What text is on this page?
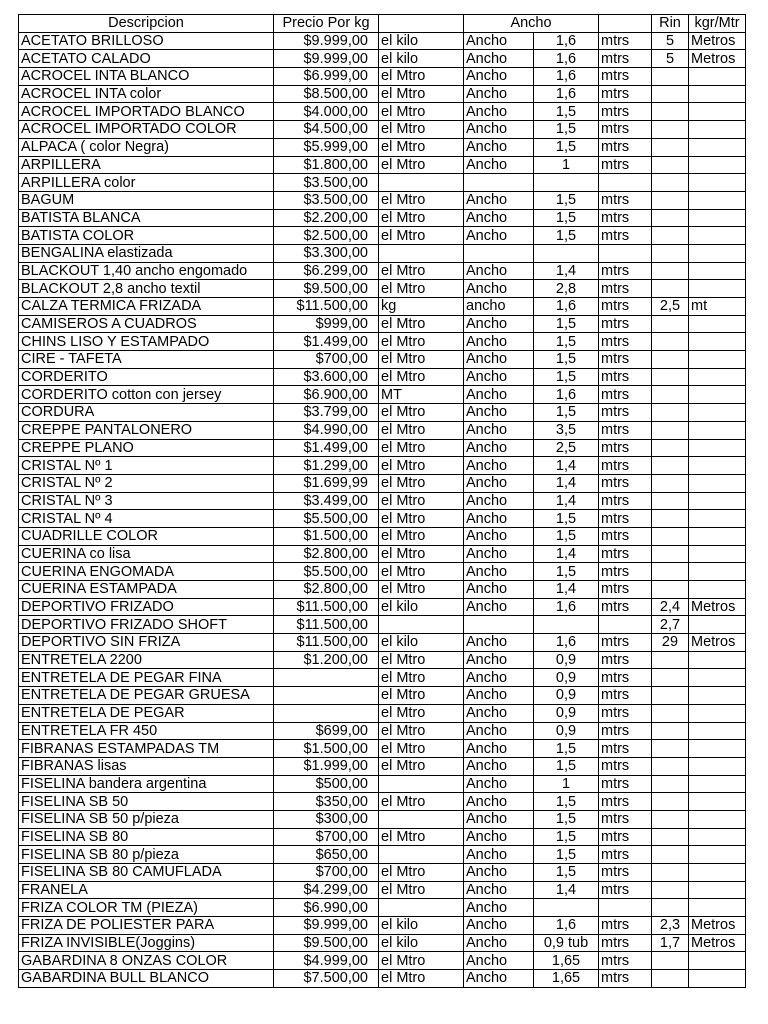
Descripcion	Precio Por kg		Ancho			Rin	kgr/Mtr
ACETATO BRILLOSO	$9.999,00	el kilo	Ancho	1,6	mtrs	5	Metros
ACETATO CALADO	$9.999,00	el kilo	Ancho	1,6	mtrs	5	Metros
ACROCEL INTA BLANCO	$6.999,00	el Mtro	Ancho	1,6	mtrs		
ACROCEL INTA color	$8.500,00	el Mtro	Ancho	1,6	mtrs		
ACROCEL IMPORTADO BLANCO	$4.000,00	el Mtro	Ancho	1,5	mtrs		
ACROCEL IMPORTADO COLOR	$4.500,00	el Mtro	Ancho	1,5	mtrs		
ALPACA ( color Negra)	$5.999,00	el Mtro	Ancho	1,5	mtrs		
ARPILLERA	$1.800,00	el Mtro	Ancho	1	mtrs		
ARPILLERA color	$3.500,00						
BAGUM	$3.500,00	el Mtro	Ancho	1,5	mtrs		
BATISTA BLANCA	$2.200,00	el Mtro	Ancho	1,5	mtrs		
BATISTA COLOR	$2.500,00	el Mtro	Ancho	1,5	mtrs		
BENGALINA elastizada	$3.300,00						
BLACKOUT 1,40 ancho engomado	$6.299,00	el Mtro	Ancho	1,4	mtrs		
BLACKOUT 2,8 ancho textil	$9.500,00	el Mtro	Ancho	2,8	mtrs		
CALZA TERMICA FRIZADA	$11.500,00	kg	ancho	1,6	mtrs	2,5	mt
CAMISEROS A CUADROS	$999,00	el Mtro	Ancho	1,5	mtrs		
CHINS LISO Y ESTAMPADO	$1.499,00	el Mtro	Ancho	1,5	mtrs		
CIRE - TAFETA	$700,00	el Mtro	Ancho	1,5	mtrs		
CORDERITO	$3.600,00	el Mtro	Ancho	1,5	mtrs		
CORDERITO cotton con jersey	$6.900,00	MT	Ancho	1,6	mtrs		
CORDURA	$3.799,00	el Mtro	Ancho	1,5	mtrs		
CREPPE PANTALONERO	$4.990,00	el Mtro	Ancho	3,5	mtrs		
CREPPE PLANO	$1.499,00	el Mtro	Ancho	2,5	mtrs		
CRISTAL Nº 1	$1.299,00	el Mtro	Ancho	1,4	mtrs		
CRISTAL Nº 2	$1.699,99	el Mtro	Ancho	1,4	mtrs		
CRISTAL Nº 3	$3.499,00	el Mtro	Ancho	1,4	mtrs		
CRISTAL Nº 4	$5.500,00	el Mtro	Ancho	1,5	mtrs		
CUADRILLE COLOR	$1.500,00	el Mtro	Ancho	1,5	mtrs		
CUERINA co lisa	$2.800,00	el Mtro	Ancho	1,4	mtrs		
CUERINA ENGOMADA	$5.500,00	el Mtro	Ancho	1,5	mtrs		
CUERINA ESTAMPADA	$2.800,00	el Mtro	Ancho	1,4	mtrs		
DEPORTIVO FRIZADO	$11.500,00	el kilo	Ancho	1,6	mtrs	2,4	Metros
DEPORTIVO FRIZADO SHOFT	$11.500,00					2,7	
DEPORTIVO SIN FRIZA	$11.500,00	el kilo	Ancho	1,6	mtrs	29	Metros
ENTRETELA 2200	$1.200,00	el Mtro	Ancho	0,9	mtrs		
ENTRETELA DE PEGAR FINA		el Mtro	Ancho	0,9	mtrs		
ENTRETELA DE PEGAR GRUESA		el Mtro	Ancho	0,9	mtrs		
ENTRETELA DE PEGAR		el Mtro	Ancho	0,9	mtrs		
ENTRETELA FR 450	$699,00	el Mtro	Ancho	0,9	mtrs		
FIBRANAS ESTAMPADAS TM	$1.500,00	el Mtro	Ancho	1,5	mtrs		
FIBRANAS lisas	$1.999,00	el Mtro	Ancho	1,5	mtrs		
FISELINA bandera argentina	$500,00		Ancho	1	mtrs		
FISELINA SB 50	$350,00	el Mtro	Ancho	1,5	mtrs		
FISELINA SB 50 p/pieza	$300,00		Ancho	1,5	mtrs		
FISELINA SB 80	$700,00	el Mtro	Ancho	1,5	mtrs		
FISELINA SB 80 p/pieza	$650,00		Ancho	1,5	mtrs		
FISELINA SB 80 CAMUFLADA	$700,00	el Mtro	Ancho	1,5	mtrs		
FRANELA	$4.299,00	el Mtro	Ancho	1,4	mtrs		
FRIZA COLOR TM (PIEZA)	$6.990,00		Ancho				
FRIZA DE POLIESTER PARA	$9.999,00	el kilo	Ancho	1,6	mtrs	2,3	Metros
FRIZA INVISIBLE(Joggins)	$9.500,00	el kilo	Ancho	0,9 tub	mtrs	1,7	Metros
GABARDINA 8 ONZAS COLOR	$4.999,00	el Mtro	Ancho	1,65	mtrs		
GABARDINA BULL BLANCO	$7.500,00	el Mtro	Ancho	1,65	mtrs		
